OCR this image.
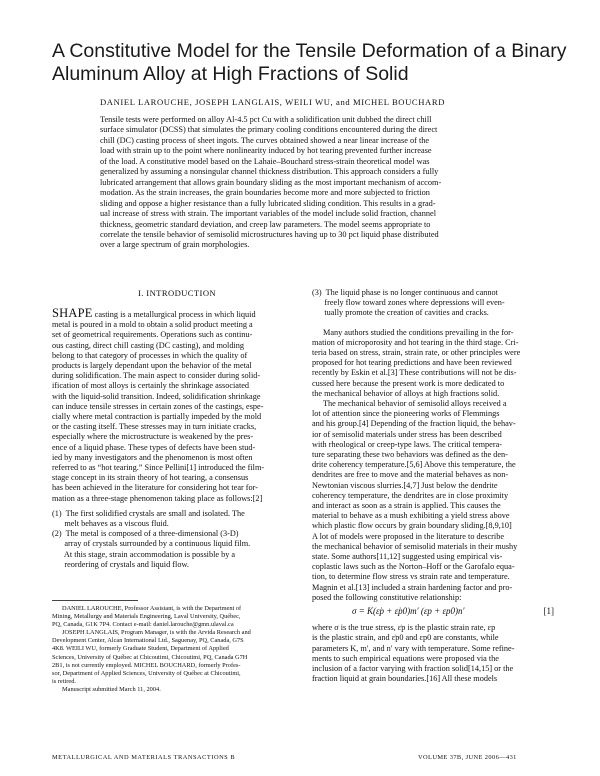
A Constitutive Model for the Tensile Deformation of a Binary
Aluminum Alloy at High Fractions of Solid
DANIEL LAROUCHE, JOSEPH LANGLAIS, WEILI WU, and MICHEL BOUCHARD
Tensile tests were performed on alloy Al-4.5 pct Cu with a solidification unit dubbed the direct chill
surface simulator (DCSS) that simulates the primary cooling conditions encountered during the direct
chill (DC) casting process of sheet ingots. The curves obtained showed a near linear increase of the
load with strain up to the point where nonlinearity induced by hot tearing prevented further increase
of the load. A constitutive model based on the Lahaie–Bouchard stress-strain theoretical model was
generalized by assuming a nonsingular channel thickness distribution. This approach considers a fully
lubricated arrangement that allows grain boundary sliding as the most important mechanism of accom-
modation. As the strain increases, the grain boundaries become more and more subjected to friction
sliding and oppose a higher resistance than a fully lubricated sliding condition. This results in a grad-
ual increase of stress with strain. The important variables of the model include solid fraction, channel
thickness, geometric standard deviation, and creep law parameters. The model seems appropriate to
correlate the tensile behavior of semisolid microstructures having up to 30 pct liquid phase distributed
over a large spectrum of grain morphologies.
I. INTRODUCTION
SHAPE casting is a metallurgical process in which liquid
metal is poured in a mold to obtain a solid product meeting a
set of geometrical requirements. Operations such as continu-
ous casting, direct chill casting (DC casting), and molding
belong to that category of processes in which the quality of
products is largely dependant upon the behavior of the metal
during solidification. The main aspect to consider during solid-
ification of most alloys is certainly the shrinkage associated
with the liquid-solid transition. Indeed, solidification shrinkage
can induce tensile stresses in certain zones of the castings, espe-
cially where metal contraction is partially impeded by the mold
or the casting itself. These stresses may in turn initiate cracks,
especially where the microstructure is weakened by the pres-
ence of a liquid phase. These types of defects have been stud-
ied by many investigators and the phenomenon is most often
referred to as “hot tearing.” Since Pellini[1] introduced the film-
stage concept in its strain theory of hot tearing, a consensus
has been achieved in the literature for considering hot tear for-
mation as a three-stage phenomenon taking place as follows:[2]
(1)  The first solidified crystals are small and isolated. The
melt behaves as a viscous fluid.
(2)  The metal is composed of a three-dimensional (3-D)
array of crystals surrounded by a continuous liquid film.
At this stage, strain accommodation is possible by a
reordering of crystals and liquid flow.
DANIEL LAROUCHE, Professor Assistant, is with the Department of
Mining, Metallurgy and Materials Engineering, Laval University, Québec,
PQ, Canada, G1K 7P4. Contact e-mail: daniel.larouche@gmn.ulaval.ca
JOSEPH LANGLAIS, Program Manager, is with the Arvida Research and
Development Center, Alcan International Ltd., Saguenay, PQ, Canada, G7S
4K8. WEILI WU, formerly Graduate Student, Department of Applied
Sciences, University of Québec at Chicoutimi, Chicoutimi, PQ, Canada G7H
2B1, is not currently employed. MICHEL BOUCHARD, formerly Profes-
sor, Department of Applied Sciences, University of Québec at Chicoutimi,
is retired.
Manuscript submitted March 11, 2004.
(3)  The liquid phase is no longer continuous and cannot
freely flow toward zones where depressions will even-
tually promote the creation of cavities and cracks.
Many authors studied the conditions prevailing in the for-
mation of microporosity and hot tearing in the third stage. Cri-
teria based on stress, strain, strain rate, or other principles were
proposed for hot tearing predictions and have been reviewed
recently by Eskin et al.[3] These contributions will not be dis-
cussed here because the present work is more dedicated to
the mechanical behavior of alloys at high fractions solid.
The mechanical behavior of semisolid alloys received a
lot of attention since the pioneering works of Flemmings
and his group.[4] Depending of the fraction liquid, the behav-
ior of semisolid materials under stress has been described
with rheological or creep-type laws. The critical tempera-
ture separating these two behaviors was defined as the den-
drite coherency temperature.[5,6] Above this temperature, the
dendrites are free to move and the material behaves as non-
Newtonian viscous slurries.[4,7] Just below the dendrite
coherency temperature, the dendrites are in close proximity
and interact as soon as a strain is applied. This causes the
material to behave as a mush exhibiting a yield stress above
which plastic flow occurs by grain boundary sliding.[8,9,10]
A lot of models were proposed in the literature to describe
the mechanical behavior of semisolid materials in their mushy
state. Some authors[11,12] suggested using empirical vis-
coplastic laws such as the Norton–Hoff or the Garofalo equa-
tion, to determine flow stress vs strain rate and temperature.
Magnin et al.[13] included a strain hardening factor and pro-
posed the following constitutive relationship:
σ = K(ε̇p + ε̇p0)m′ (εp + εp0)n′	[1]
where σ is the true stress, ε̇p is the plastic strain rate, εp
is the plastic strain, and ε̇p0 and εp0 are constants, while
parameters K, m′, and n′ vary with temperature. Some refine-
ments to such empirical equations were proposed via the
inclusion of a factor varying with fraction solid[14,15] or the
fraction liquid at grain boundaries.[16] All these models
METALLURGICAL AND MATERIALS TRANSACTIONS B	VOLUME 37B, JUNE 2006—431
